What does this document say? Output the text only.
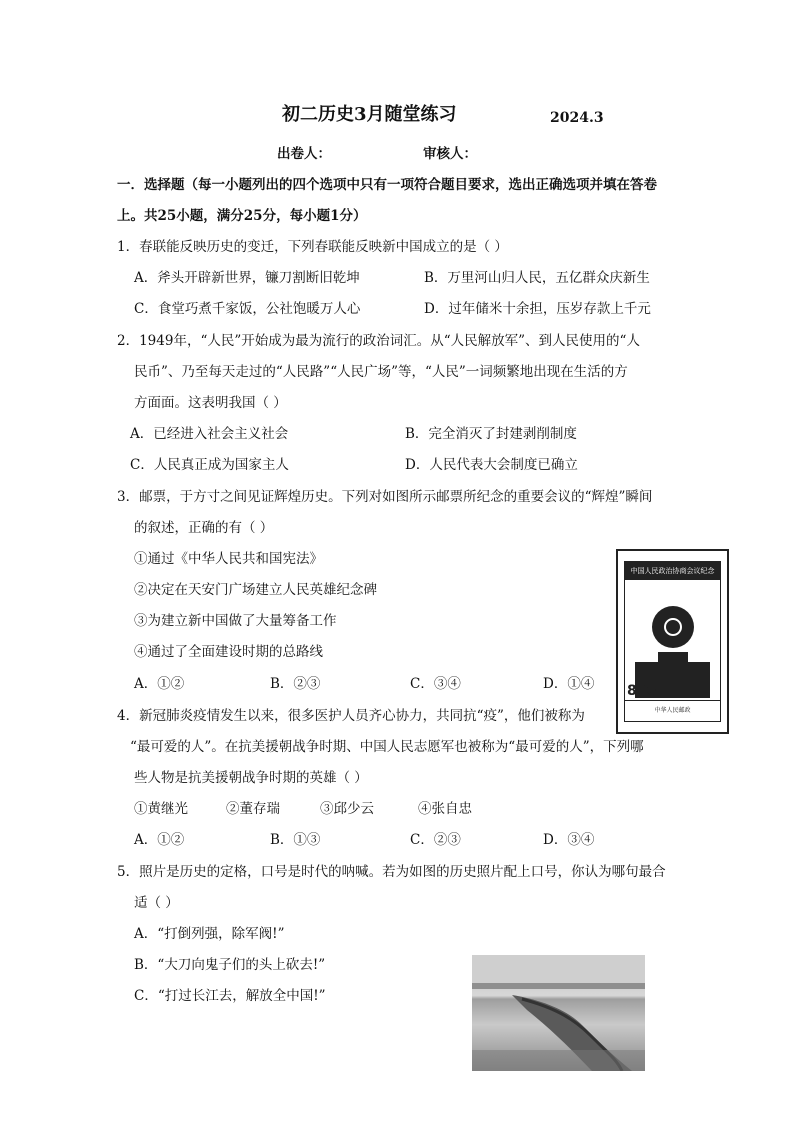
初二历史3月随堂练习	2024.3
出卷人：	审核人：
一．选择题（每一小题列出的四个选项中只有一项符合题目要求，选出正确选项并填在答卷
上。共25小题，满分25分，每小题1分）
1．春联能反映历史的变迁，下列春联能反映新中国成立的是（ ）
A．斧头开辟新世界，镰刀割断旧乾坤	B．万里河山归人民，五亿群众庆新生
C．食堂巧煮千家饭，公社饱暖万人心	D．过年储米十余担，压岁存款上千元
2．1949年，“人民”开始成为最为流行的政治词汇。从“人民解放军”、到人民使用的“人
民币”、乃至每天走过的“人民路”“人民广场”等，“人民”一词频繁地出现在生活的方
方面面。这表明我国（ ）
A．已经进入社会主义社会	B．完全消灭了封建剥削制度
C．人民真正成为国家主人	D．人民代表大会制度已确立
3．邮票，于方寸之间见证辉煌历史。下列对如图所示邮票所纪念的重要会议的“辉煌”瞬间
的叙述，正确的有（ ）
①通过《中华人民共和国宪法》
②决定在天安门广场建立人民英雄纪念碑
③为建立新中国做了大量筹备工作
④通过了全面建设时期的总路线
A．①②	B．②③	C．③④	D．①④
中国人民政治协商会议纪念
800
中华人民邮政
4．新冠肺炎疫情发生以来，很多医护人员齐心协力，共同抗“疫”，他们被称为
“最可爱的人”。在抗美援朝战争时期、中国人民志愿军也被称为“最可爱的人”，下列哪
些人物是抗美援朝战争时期的英雄（ ）
①黄继光	②董存瑞	③邱少云	④张自忠
A．①②	B．①③	C．②③	D．③④
5．照片是历史的定格，口号是时代的呐喊。若为如图的历史照片配上口号，你认为哪句最合
适（ ）
A．“打倒列强，除军阀!”
B．“大刀向鬼子们的头上砍去!”
C．“打过长江去，解放全中国!”
